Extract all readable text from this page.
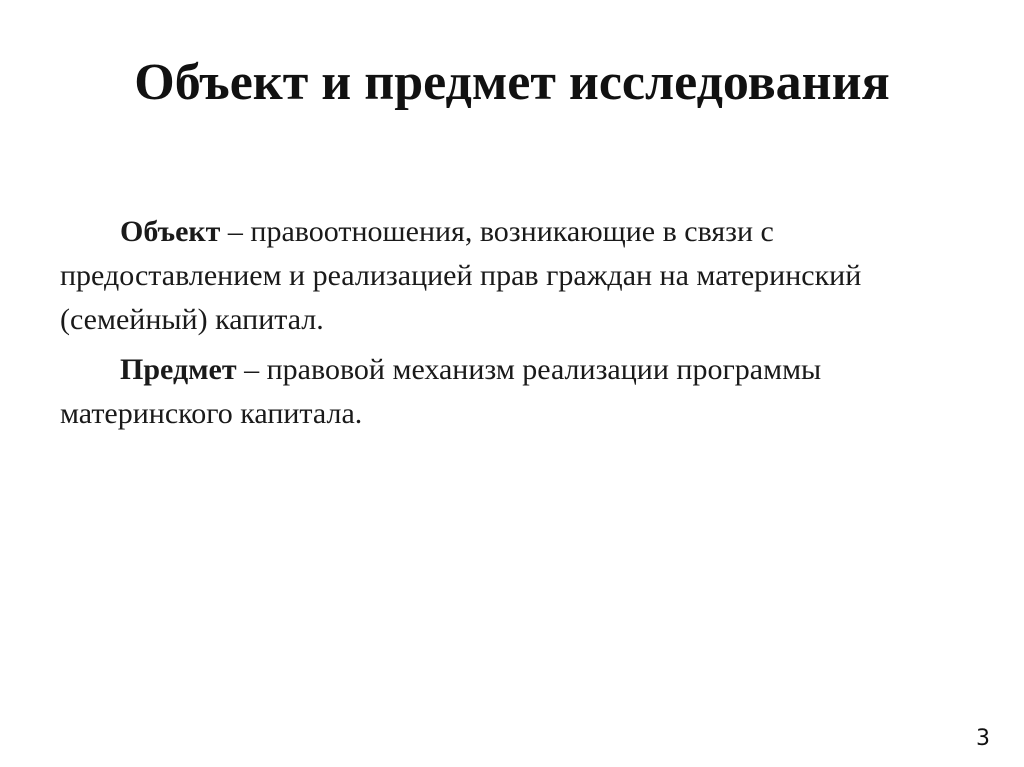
Объект и предмет исследования

Объект – правоотношения, возникающие в связи с предоставлением и реализацией прав граждан на материнский (семейный) капитал.

Предмет – правовой механизм реализации программы материнского капитала.

3
